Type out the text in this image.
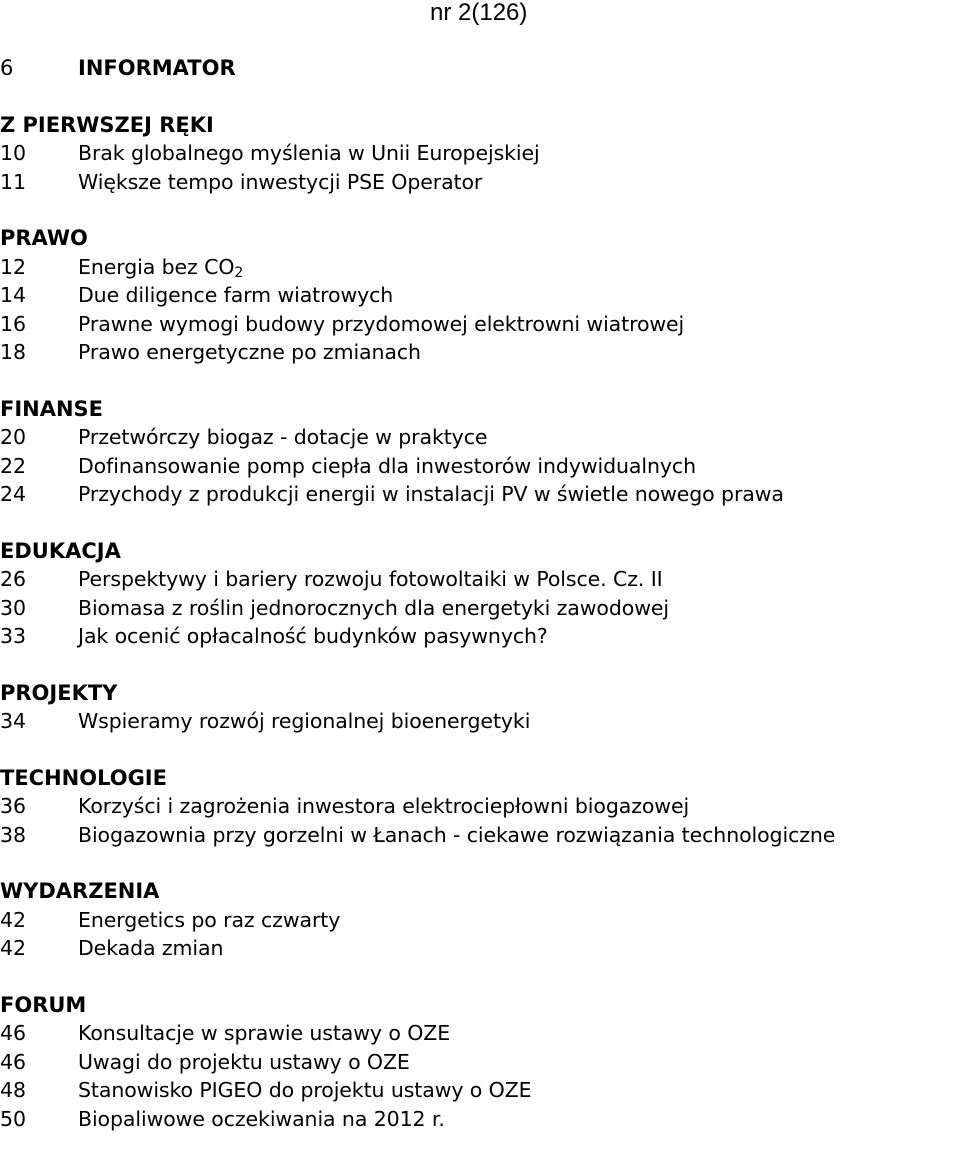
nr 2(126)
6	INFORMATOR
Z PIERWSZEJ RĘKI
10	Brak globalnego myślenia w Unii Europejskiej
11	Większe tempo inwestycji PSE Operator
PRAWO
12	Energia bez $CO_2$
14	Due diligence farm wiatrowych
16	Prawne wymogi budowy przydomowej elektrowni wiatrowej
18	Prawo energetyczne po zmianach
FINANSE
20	Przetwórczy biogaz - dotacje w praktyce
22	Dofinansowanie pomp ciepła dla inwestorów indywidualnych
24	Przychody z produkcji energii w instalacji PV w świetle nowego prawa
EDUKACJA
26	Perspektywy i bariery rozwoju fotowoltaiki w Polsce. Cz. II
30	Biomasa z roślin jednorocznych dla energetyki zawodowej
33	Jak ocenić opłacalność budynków pasywnych?
PROJEKTY
34	Wspieramy rozwój regionalnej bioenergetyki
TECHNOLOGIE
36	Korzyści i zagrożenia inwestora elektrociepłowni biogazowej
38	Biogazownia przy gorzelni w Łanach - ciekawe rozwiązania technologiczne
WYDARZENIA
42	Energetics po raz czwarty
42	Dekada zmian
FORUM
46	Konsultacje w sprawie ustawy o OZE
46	Uwagi do projektu ustawy o OZE
48	Stanowisko PIGEO do projektu ustawy o OZE
50	Biopaliwowe oczekiwania na 2012 r.
